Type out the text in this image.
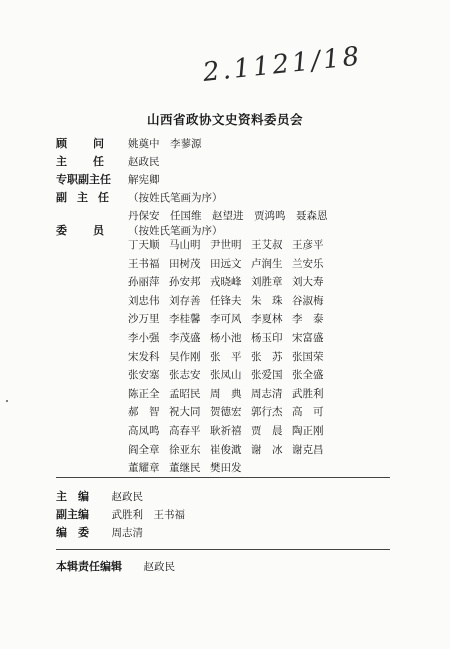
2.1121/18
山西省政协文史资料委员会
顾问
姚奠中　李蓼源
主任
赵政民
专职副主任	解宪卿
副主任 （按姓氏笔画为序）
丹保安　任国维　赵望进　贾鸿鸣　聂森恩
委员
（按姓氏笔画为序）
丁天顺 马山明 尹世明 王艾叔 王彦平
王书福 田树茂 田远文 卢润生 兰安乐
孙丽萍 孙安邦 戎晓峰 刘胜章 刘大寿
刘忠伟 刘存善 任锋夫 朱　珠 谷淑梅
沙万里 李桂馨 李可风 李夏林 李　泰
李小强 李茂盛 杨小池 杨玉印 宋富盛
宋发科 吴作刚 张　平 张　苏 张国荣
张安塞 张志安 张凤山 张爱国 张全盛
陈正全 孟昭民 周　典 周志清 武胜利
郝　智 祝大同 贺德宏 郭行杰 高　可
高凤鸣 高春平 耿祈禧 贾　晨 陶正刚
阎全章 徐亚东 崔俊㴷 谢　冰 谢克昌
董耀章 董继民 樊田发
主　编 赵政民
副主编 武胜利　王书福
编　委 周志清
本辑责任编辑 赵政民
